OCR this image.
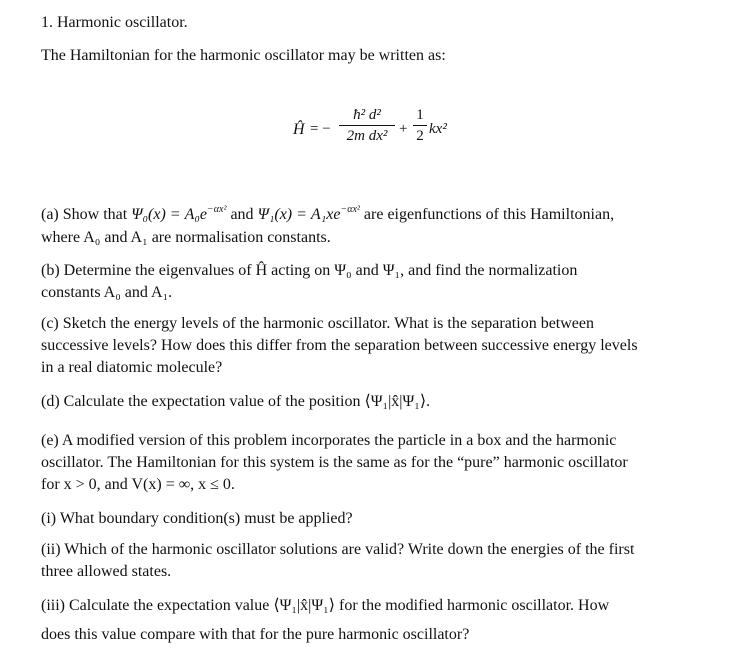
1. Harmonic oscillator.
The Hamiltonian for the harmonic oscillator may be written as:
Ĥ = −
ħ² d²
2m dx² +
1
2 kx²
(a) Show that $\Psi_0(x) = A_0e^{-\alpha x^2}$ and $\Psi_1(x) = A_1xe^{-\alpha x^2}$ are eigenfunctions of this Hamiltonian,
where A₀ and A₁ are normalisation constants.
(b) Determine the eigenvalues of Ĥ acting on Ψ₀ and Ψ₁, and find the normalization
constants A₀ and A₁.
(c) Sketch the energy levels of the harmonic oscillator. What is the separation between
successive levels? How does this differ from the separation between successive energy levels
in a real diatomic molecule?
(d) Calculate the expectation value of the position ⟨Ψ₁|x̂|Ψ₁⟩.
(e) A modified version of this problem incorporates the particle in a box and the harmonic
oscillator. The Hamiltonian for this system is the same as for the “pure” harmonic oscillator
for x > 0, and V(x) = ∞, x ≤ 0.
(i) What boundary condition(s) must be applied?
(ii) Which of the harmonic oscillator solutions are valid? Write down the energies of the first
three allowed states.
(iii) Calculate the expectation value ⟨Ψ₁|x̂|Ψ₁⟩ for the modified harmonic oscillator. How
does this value compare with that for the pure harmonic oscillator?
